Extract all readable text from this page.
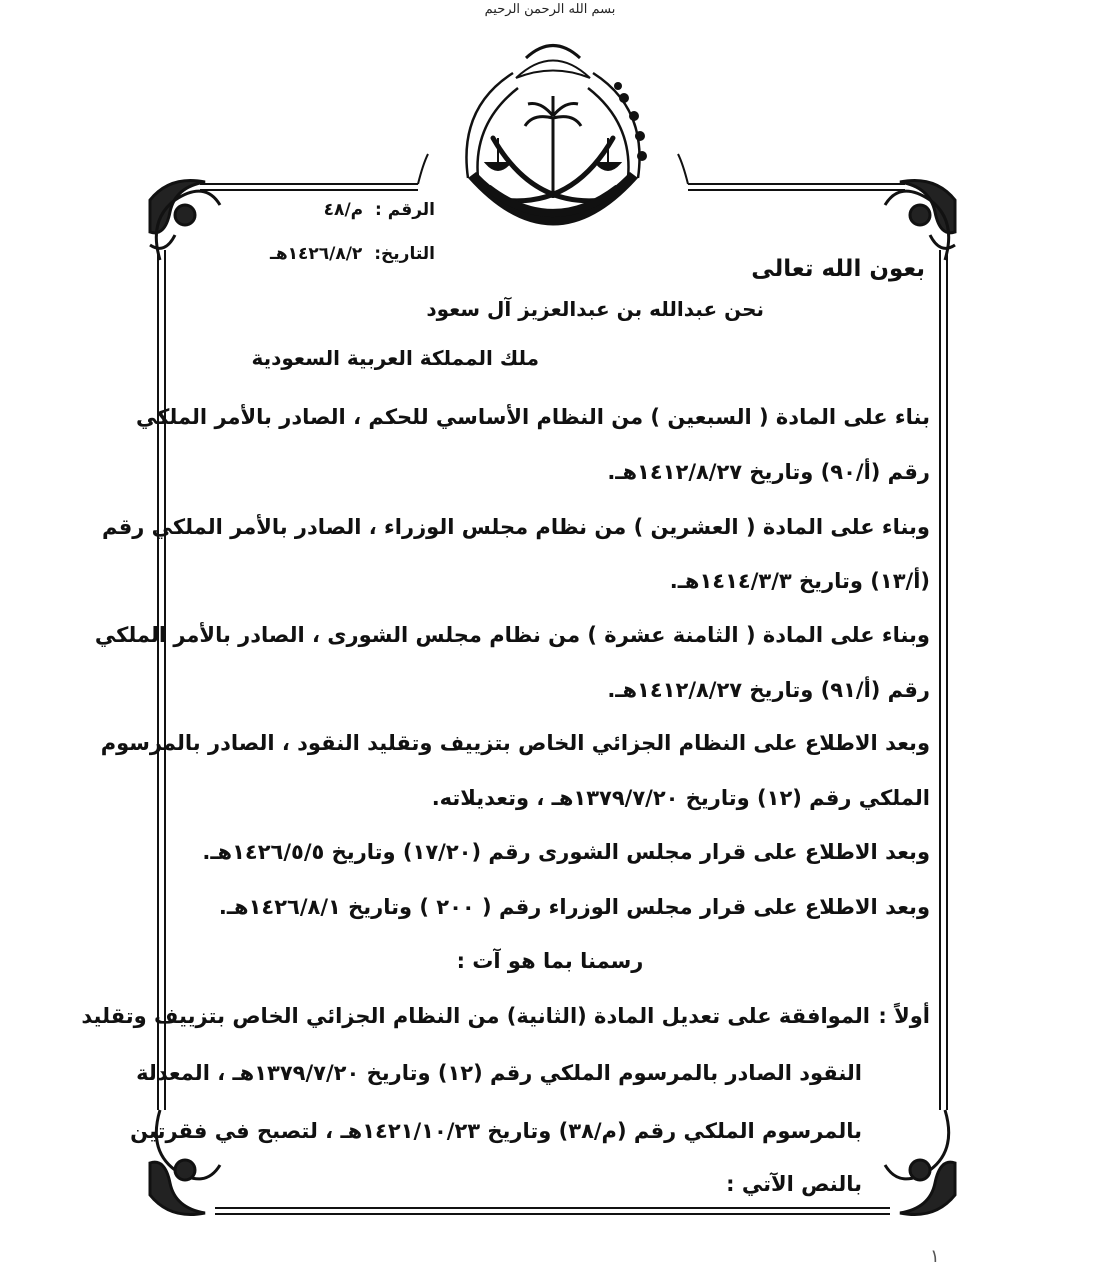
بسم الله الرحمن الرحيم
الرقم : م/٤٨
التاريخ: ١٤٢٦/٨/٢هـ
بعون الله تعالى
نحن عبدالله بن عبدالعزيز آل سعود
ملك المملكة العربية السعودية
بناء على المادة ( السبعين ) من النظام الأساسي للحكم ، الصادر بالأمر الملكي
رقم (أ/٩٠) وتاريخ ١٤١٢/٨/٢٧هـ.
وبناء على المادة ( العشرين ) من نظام مجلس الوزراء ، الصادر بالأمر الملكي رقم
(أ/١٣) وتاريخ ١٤١٤/٣/٣هـ.
وبناء على المادة ( الثامنة عشرة ) من نظام مجلس الشورى ، الصادر بالأمر الملكي
رقم (أ/٩١) وتاريخ ١٤١٢/٨/٢٧هـ.
وبعد الاطلاع على النظام الجزائي الخاص بتزييف وتقليد النقود ، الصادر بالمرسوم
الملكي رقم (١٢) وتاريخ ١٣٧٩/٧/٢٠هـ ، وتعديلاته.
وبعد الاطلاع على قرار مجلس الشورى رقم (١٧/٢٠) وتاريخ ١٤٢٦/٥/٥هـ.
وبعد الاطلاع على قرار مجلس الوزراء رقم ( ٢٠٠ ) وتاريخ ١٤٢٦/٨/١هـ.
رسمنا بما هو آت :
أولاً :
الموافقة على تعديل المادة (الثانية) من النظام الجزائي الخاص بتزييف وتقليد
النقود الصادر بالمرسوم الملكي رقم (١٢) وتاريخ ١٣٧٩/٧/٢٠هـ ، المعدلة
بالمرسوم الملكي رقم (م/٣٨) وتاريخ ١٤٢١/١٠/٢٣هـ ، لتصبح في فقرتين
بالنص الآتي :
١
